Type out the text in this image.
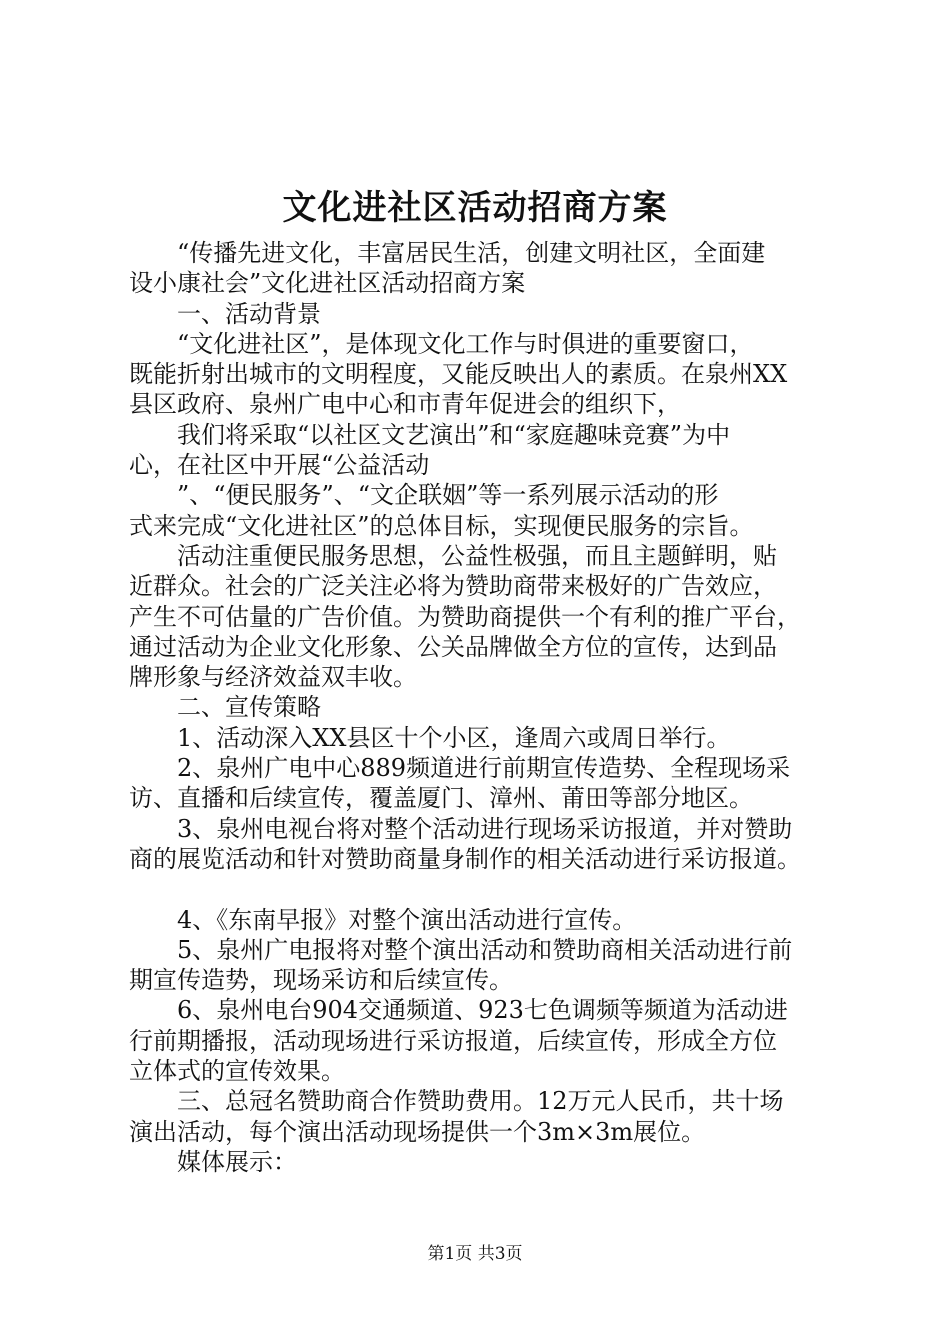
文化进社区活动招商方案
“传播先进文化，丰富居民生活，创建文明社区，全面建
设小康社会”文化进社区活动招商方案
一、活动背景
“文化进社区”，是体现文化工作与时俱进的重要窗口，
既能折射出城市的文明程度，又能反映出人的素质。在泉州XX
县区政府、泉州广电中心和市青年促进会的组织下，
我们将采取“以社区文艺演出”和“家庭趣味竞赛”为中
心，在社区中开展“公益活动
”、“便民服务”、“文企联姻”等一系列展示活动的形
式来完成“文化进社区”的总体目标，实现便民服务的宗旨。
活动注重便民服务思想，公益性极强，而且主题鲜明，贴
近群众。社会的广泛关注必将为赞助商带来极好的广告效应，
产生不可估量的广告价值。为赞助商提供一个有利的推广平台，
通过活动为企业文化形象、公关品牌做全方位的宣传，达到品
牌形象与经济效益双丰收。
二、宣传策略
1、活动深入XX县区十个小区，逢周六或周日举行。
2、泉州广电中心889频道进行前期宣传造势、全程现场采
访、直播和后续宣传，覆盖厦门、漳州、莆田等部分地区。
3、泉州电视台将对整个活动进行现场采访报道，并对赞助
商的展览活动和针对赞助商量身制作的相关活动进行采访报道。
4、《东南早报》对整个演出活动进行宣传。
5、泉州广电报将对整个演出活动和赞助商相关活动进行前
期宣传造势，现场采访和后续宣传。
6、泉州电台904交通频道、923七色调频等频道为活动进
行前期播报，活动现场进行采访报道，后续宣传，形成全方位
立体式的宣传效果。
三、总冠名赞助商合作赞助费用。12万元人民币，共十场
演出活动，每个演出活动现场提供一个3m×3m展位。
媒体展示：
第1页 共3页
